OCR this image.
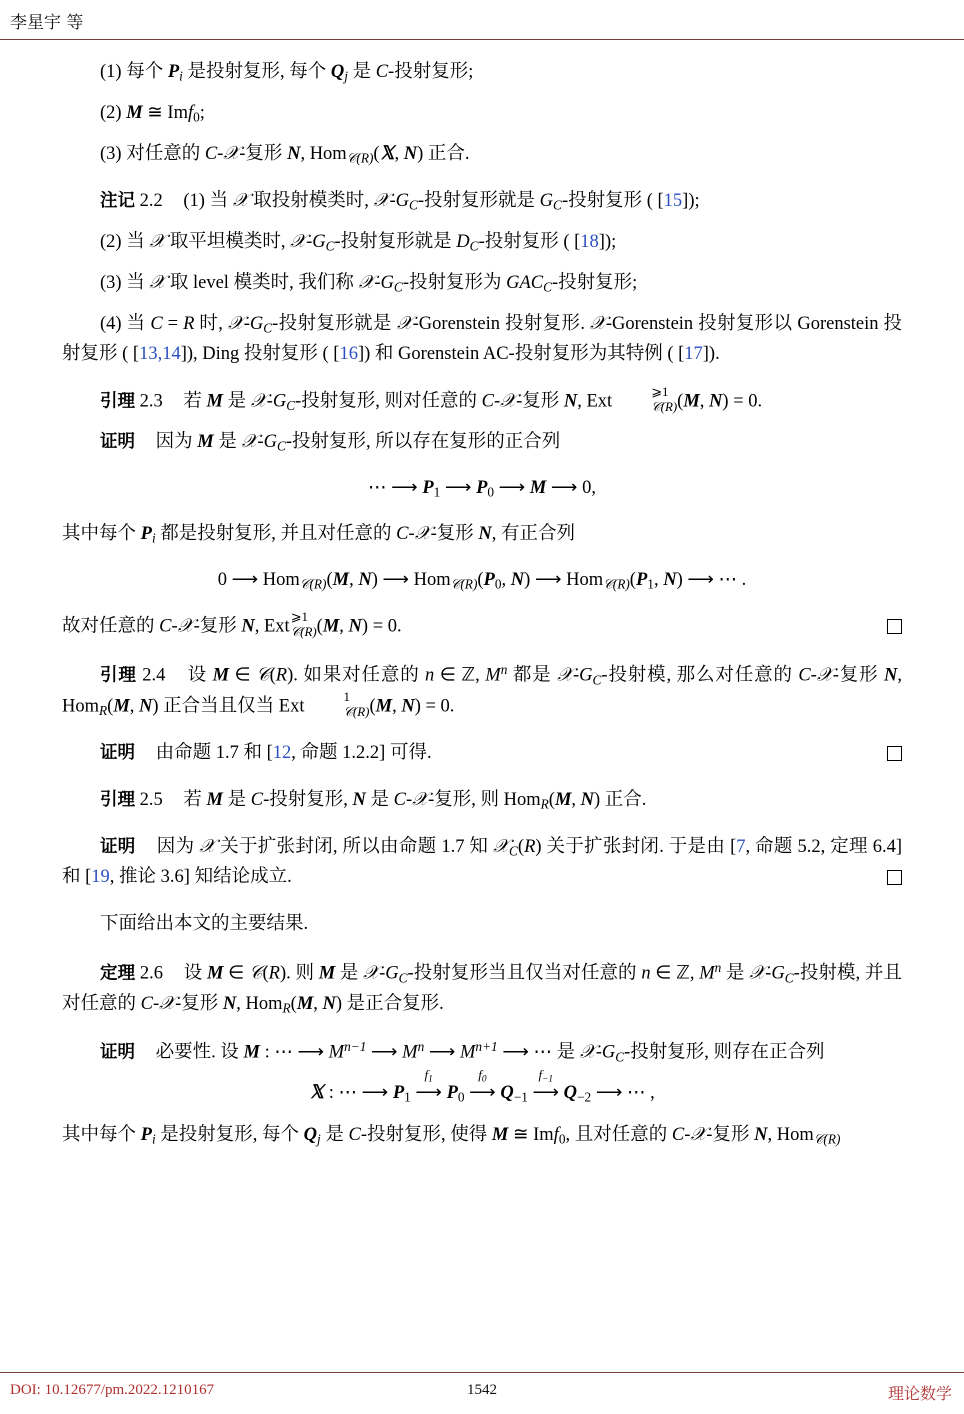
李星宇 等

(1) 每个 $P_i$ 是投射复形, 每个 $Q_j$ 是 C-投射复形;

(2) M ≅ Imf$_0$;

(3) 对任意的 C-𝒳-复形 N, Hom$_{𝒞(R)}$(𝕏, N) 正合.

注记 2.2 (1) 当 𝒳 取投射模类时, $𝒳-G_C-$投射复形就是 $G_C-$投射复形 ( [15]);

(2) 当 𝒳 取平坦模类时, $𝒳-G_C-$投射复形就是 $D_C-$投射复形 ( [18]);

(3) 当 𝒳 取 level 模类时, 我们称 $𝒳-G_C-$投射复形为 $GAC_C-$投射复形;

(4) 当 C = R 时, $𝒳-G_C-$投射复形就是 𝒳-Gorenstein 投射复形. 𝒳-Gorenstein 投射复形以 Gorenstein 投射复形 ( [13,14]), Ding 投射复形 ( [16]) 和 Gorenstein AC-投射复形为其特例 ( [17]).

引理 2.3 若 M 是 $𝒳-G_C-$投射复形, 则对任意的 C-𝒳-复形 N, Ext	⩾1
𝒞(R) (M, N) = 0.

证明 因为 M 是 $𝒳-G_C-$投射复形, 所以存在复形的正合列

⋯ ⟶ $P_1$ ⟶ $P_0$ ⟶ M ⟶ 0,

其中每个 $P_i$ 都是投射复形, 并且对任意的 C-𝒳-复形 N, 有正合列

0 ⟶ Hom$_{𝒞(R)}$(M, N) ⟶ $Hom_{𝒞(R)}(P_0$, N) ⟶ $Hom_{𝒞(R)}(P_1$, N) ⟶ ⋯ .

故对任意的 C-𝒳-复形 N, Ext ⩾1
𝒞(R) (M, N) = 0.

引理 2.4 设 M ∈ 𝒞(R). 如果对任意的 n ∈ ℤ, $M^n$ 都是 $𝒳-G_C-$投射模, 那么对任意的 C-𝒳-复形 N, Hom$_R$(M, N) 正合当且仅当 Ext	1
𝒞(R) (M, N) = 0.

证明 由命题 1.7 和 [12, 命题 1.2.2] 可得.

引理 2.5 若 M 是 C-投射复形, N 是 C-𝒳-复形, 则 Hom$_R$(M, N) 正合.

证明 因为 𝒳 关于扩张封闭, 所以由命题 1.7 知 𝒳$_C$(R) 关于扩张封闭. 于是由 [7, 命题 5.2, 定理 6.4] 和 [19, 推论 3.6] 知结论成立.

下面给出本文的主要结果.

定理 2.6 设 M ∈ 𝒞(R). 则 M 是 $𝒳-G_C-$投射复形当且仅当对任意的 n ∈ ℤ, $M^n$ 是 $𝒳-G_C-$投射模, 并且对任意的 C-𝒳-复形 N, Hom$_R$(M, N) 是正合复形.

证明 必要性. 设 M : ⋯ ⟶ $M^{n-1}$ ⟶ $M^n$ ⟶ $M^{n+1}$ ⟶ ⋯ 是 $𝒳-G_C-$投射复形, 则存在正合列

𝕏 : ⋯ ⟶ $P_1$
$f_1$
⟶ $P_0$
$f_0$
⟶ $Q_{-1}$
$f_{-1}$
⟶ $Q_{-2}$ ⟶ ⋯ ,

其中每个 $P_i$ 是投射复形, 每个 $Q_j$ 是 C-投射复形, 使得 M ≅ Imf$_0$, 且对任意的 C-𝒳-复形 N, Hom$_{𝒞(R)}$

DOI: 10.12677/pm.2022.1210167	1542	理论数学
